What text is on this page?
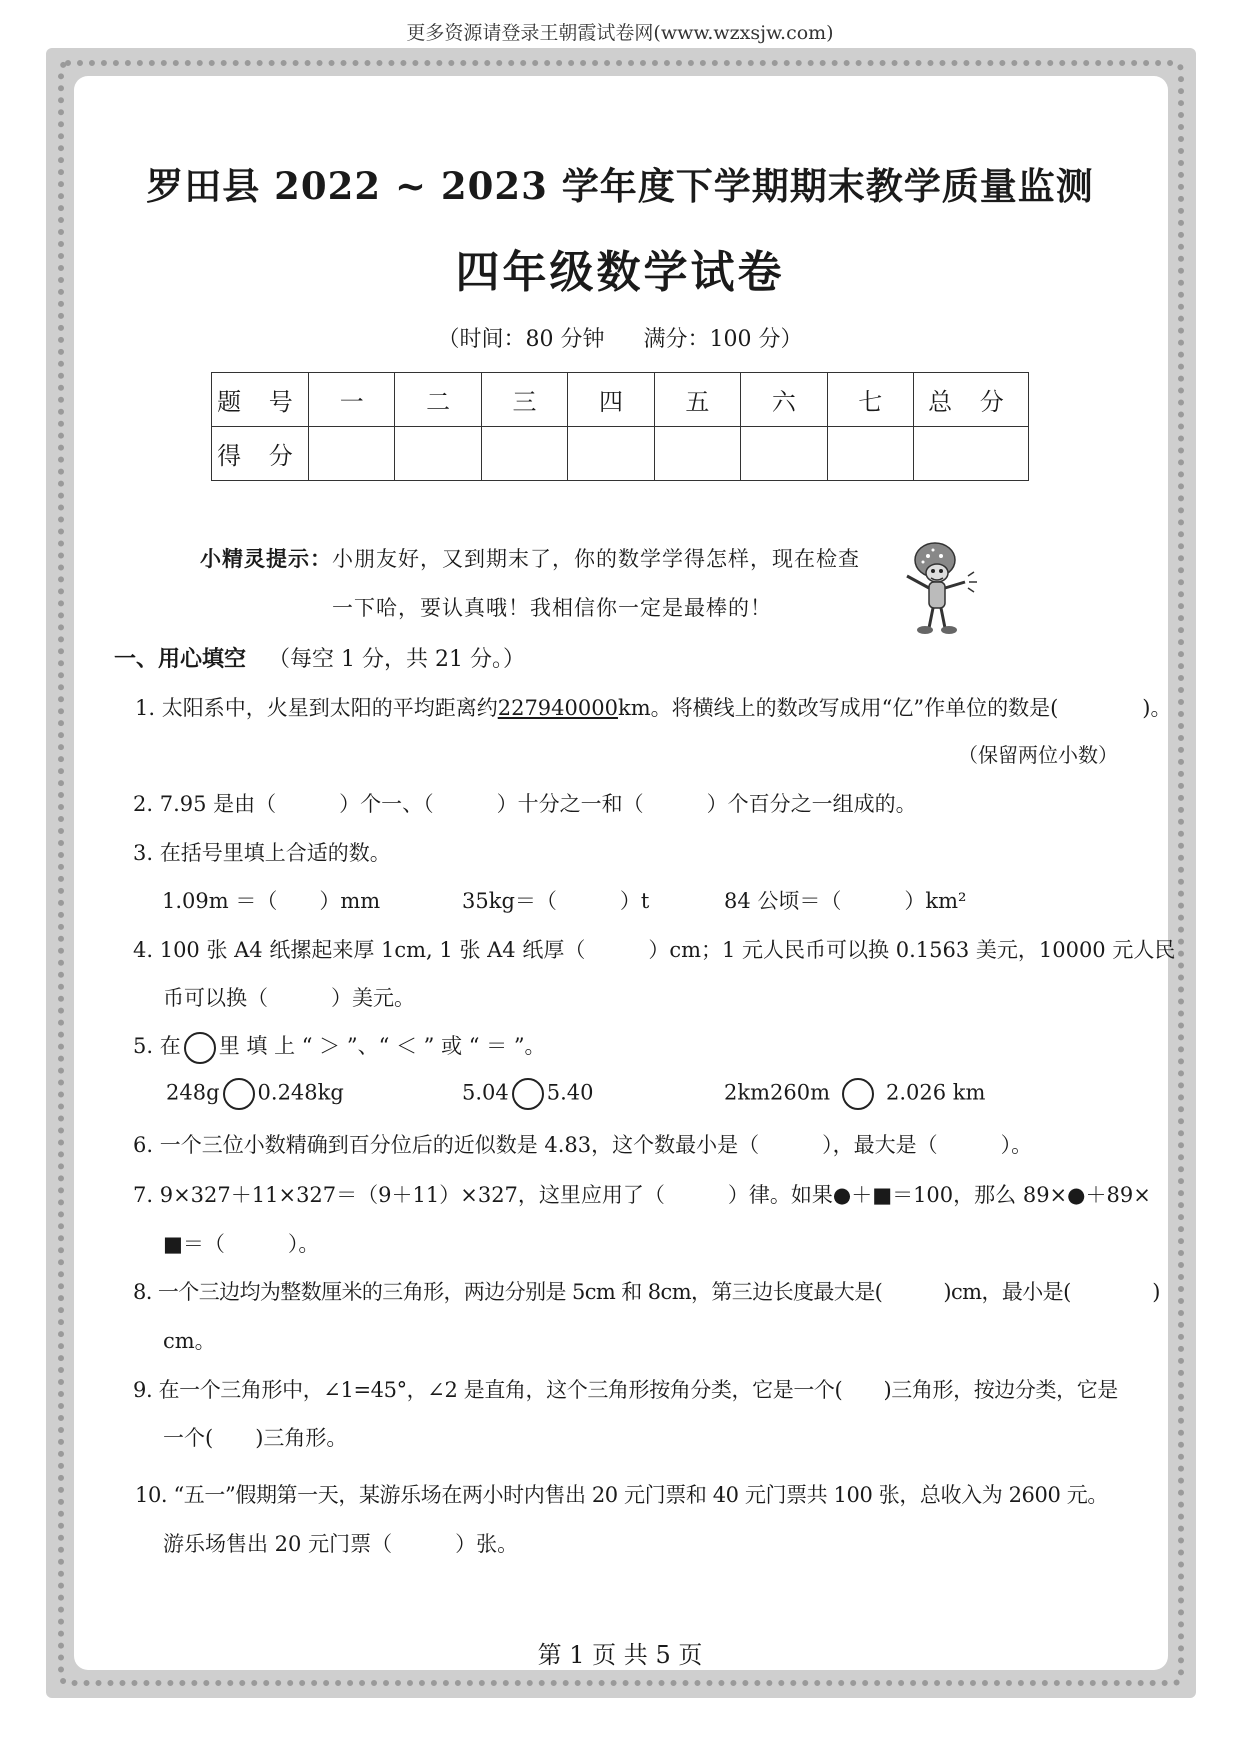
更多资源请登录王朝霞试卷网(www.wzxsjw.com)
罗田县 2022 ~ 2023 学年度下学期期末教学质量监测
四年级数学试卷
（时间：80 分钟 满分：100 分）
题 号	一	二	三	四	五	六	七	总 分
得 分								
小精灵提示：小朋友好，又到期末了，你的数学学得怎样，现在检查
一下哈，要认真哦！我相信你一定是最棒的！
一、用心填空 （每空 1 分，共 21 分。）
1. 太阳系中，火星到太阳的平均距离约227940000km。将横线上的数改写成用“亿”作单位的数是(　　　　)。
（保留两位小数）
2. 7.95 是由（　　　）个一、（　　　）十分之一和（　　　）个百分之一组成的。
3. 在括号里填上合适的数。
1.09m ＝（　　）mm	35kg＝（　　　）t	84 公顷＝（　　　）km²
4. 100 张 A4 纸摞起来厚 1cm, 1 张 A4 纸厚（　　　）cm；1 元人民币可以换 0.1563 美元，10000 元人民
币可以换（　　　）美元。
5. 在 里 填 上 “ ＞ ”、“ ＜ ” 或 “ ＝ ”。
248g 0.248kg	5.04 5.40	2km260m	2.026 km
6. 一个三位小数精确到百分位后的近似数是 4.83，这个数最小是（　　　），最大是（　　　）。
7. 9×327＋11×327＝（9＋11）×327，这里应用了（　　　）律。如果●＋■＝100，那么 89×●＋89×
■＝（　　　）。
8. 一个三边均为整数厘米的三角形，两边分别是 5cm 和 8cm，第三边长度最大是(　　　)cm，最小是(　　　　)
cm。
9. 在一个三角形中，∠1=45°，∠2 是直角，这个三角形按角分类，它是一个(　　)三角形，按边分类，它是
一个(　　)三角形。
10. “五一”假期第一天，某游乐场在两小时内售出 20 元门票和 40 元门票共 100 张，总收入为 2600 元。
游乐场售出 20 元门票（　　　）张。
第 1 页 共 5 页
